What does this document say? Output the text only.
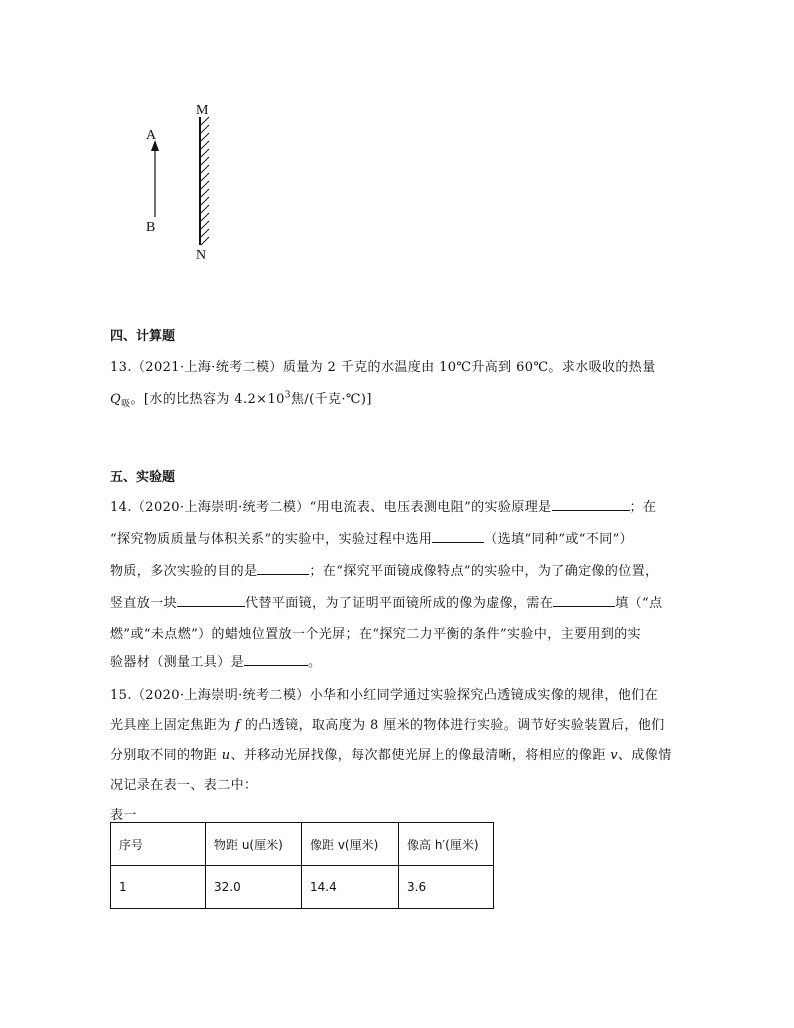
A
B
M
N
四、计算题
13.（2021·上海·统考二模）质量为 2 千克的水温度由 10℃升高到 60℃。求水吸收的热量
$Q_吸$。[水的比热容为 $4.2\times 10^3$焦/(千克·℃)]
五、实验题
14.（2020·上海崇明·统考二模）“用电流表、电压表测电阻”的实验原理是	；在
“探究物质质量与体积关系”的实验中，实验过程中选用	（选填“同种”或“不同”）
物质，多次实验的目的是	；在“探究平面镜成像特点”的实验中，为了确定像的位置，
竖直放一块	代替平面镜，为了证明平面镜所成的像为虚像，需在	填（“点
燃”或“未点燃”）的蜡烛位置放一个光屏；在“探究二力平衡的条件”实验中，主要用到的实
验器材（测量工具）是	。
15.（2020·上海崇明·统考二模）小华和小红同学通过实验探究凸透镜成实像的规律，他们在
光具座上固定焦距为 f 的凸透镜，取高度为 8 厘米的物体进行实验。调节好实验装置后，他们
分别取不同的物距 u、并移动光屏找像，每次都使光屏上的像最清晰，将相应的像距 v、成像情
况记录在表一、表二中：
表一
序号	物距 u(厘米)	像距 v(厘米)	像高 h′(厘米)
1	32.0	14.4	3.6
